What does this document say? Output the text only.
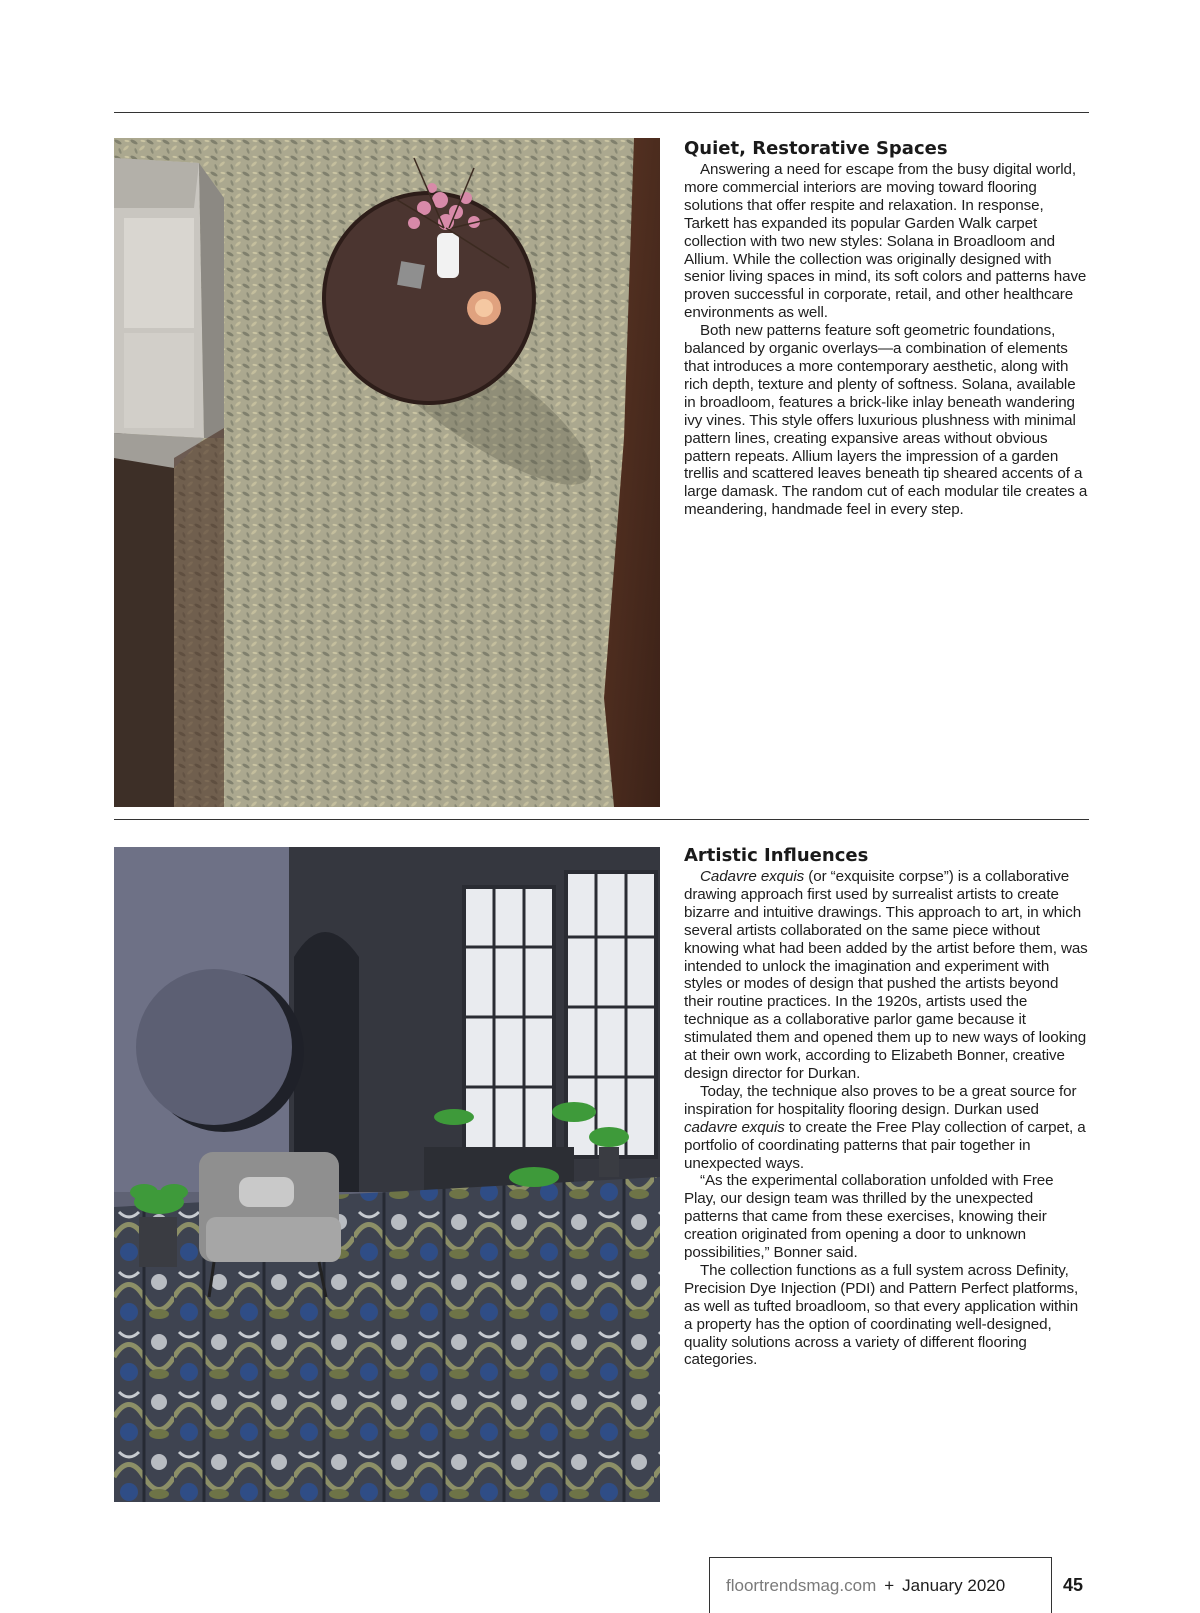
Quiet, Restorative Spaces

Answering a need for escape from the busy digital world, more commercial interiors are moving toward flooring solutions that offer respite and relaxation. In response, Tarkett has expanded its popular Garden Walk carpet collection with two new styles: Solana in Broadloom and Allium. While the collection was originally designed with senior living spaces in mind, its soft colors and patterns have proven successful in corporate, retail, and other healthcare environments as well.

Both new patterns feature soft geometric foundations, balanced by organic overlays—a combination of elements that introduces a more contemporary aesthetic, along with rich depth, texture and plenty of softness. Solana, available in broadloom, features a brick-like inlay beneath wandering ivy vines. This style offers luxurious plushness with minimal pattern lines, creating expansive areas without obvious pattern repeats. Allium layers the impression of a garden trellis and scattered leaves beneath tip sheared accents of a large damask. The random cut of each modular tile creates a meandering, handmade feel in every step.

Artistic Influences

Cadavre exquis (or “exquisite corpse”) is a collaborative drawing approach first used by surrealist artists to create bizarre and intuitive drawings. This approach to art, in which several artists collaborated on the same piece without knowing what had been added by the artist before them, was intended to unlock the imagination and experiment with styles or modes of design that pushed the artists beyond their routine practices. In the 1920s, artists used the technique as a collaborative parlor game because it stimulated them and opened them up to new ways of looking at their own work, according to Elizabeth Bonner, creative design director for Durkan.

Today, the technique also proves to be a great source for inspiration for hospitality flooring design. Durkan used cadavre exquis to create the Free Play collection of carpet, a portfolio of coordinating patterns that pair together in unexpected ways.

“As the experimental collaboration unfolded with Free Play, our design team was thrilled by the unexpected patterns that came from these exercises, knowing their creation originated from opening a door to unknown possibilities,” Bonner said.

The collection functions as a full system across Definity, Precision Dye Injection (PDI) and Pattern Perfect platforms, as well as tufted broadloom, so that every application within a property has the option of coordinating well-designed, quality solutions across a variety of different flooring categories.

floortrendsmag.com + January 2020	45
